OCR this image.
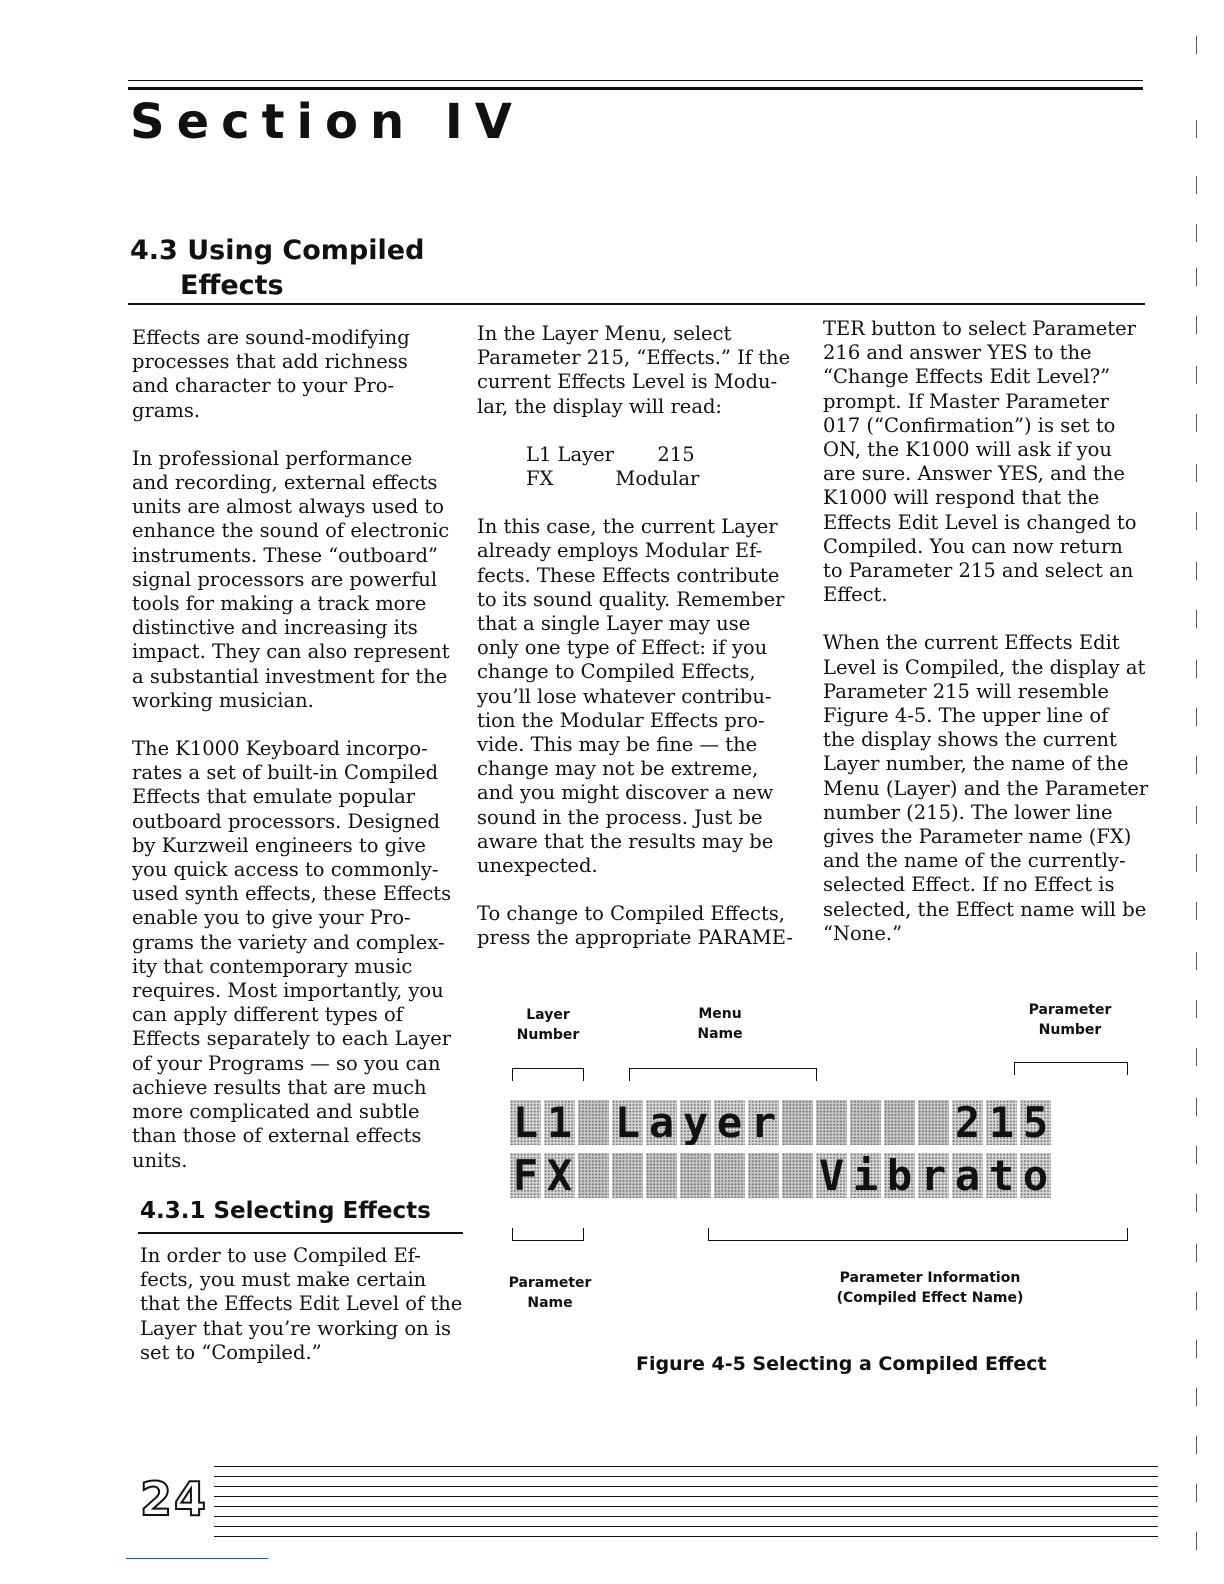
Section IV
4.3 Using Compiled
Effects

Effects are sound-modifying
processes that add richness
and character to your Pro-
grams.

In professional performance
and recording, external effects
units are almost always used to
enhance the sound of electronic
instruments. These “outboard”
signal processors are powerful
tools for making a track more
distinctive and increasing its
impact. They can also represent
a substantial investment for the
working musician.

The K1000 Keyboard incorpo-
rates a set of built-in Compiled
Effects that emulate popular
outboard processors. Designed
by Kurzweil engineers to give
you quick access to commonly-
used synth effects, these Effects
enable you to give your Pro-
grams the variety and complex-
ity that contemporary music
requires. Most importantly, you
can apply different types of
Effects separately to each Layer
of your Programs — so you can
achieve results that are much
more complicated and subtle
than those of external effects
units.

4.3.1 Selecting Effects

In order to use Compiled Ef-
fects, you must make certain
that the Effects Edit Level of the
Layer that you’re working on is
set to “Compiled.”

In the Layer Menu, select
Parameter 215, “Effects.” If the
current Effects Level is Modu-
lar, the display will read:

L1 Layer       215
FX          Modular

In this case, the current Layer
already employs Modular Ef-
fects. These Effects contribute
to its sound quality. Remember
that a single Layer may use
only one type of Effect: if you
change to Compiled Effects,
you’ll lose whatever contribu-
tion the Modular Effects pro-
vide. This may be fine — the
change may not be extreme,
and you might discover a new
sound in the process. Just be
aware that the results may be
unexpected.

To change to Compiled Effects,
press the appropriate PARAME-

TER button to select Parameter
216 and answer YES to the
“Change Effects Edit Level?”
prompt. If Master Parameter
017 (“Confirmation”) is set to
ON, the K1000 will ask if you
are sure. Answer YES, and the
K1000 will respond that the
Effects Edit Level is changed to
Compiled. You can now return
to Parameter 215 and select an
Effect.

When the current Effects Edit
Level is Compiled, the display at
Parameter 215 will resemble
Figure 4-5. The upper line of
the display shows the current
Layer number, the name of the
Menu (Layer) and the Parameter
number (215). The lower line
gives the Parameter name (FX)
and the name of the currently-
selected Effect. If no Effect is
selected, the Effect name will be
“None.”

Layer
Number
Menu
Name
Parameter
Number
L 1 L a y e r	2 1 5
F X	V i b r a t o
Parameter
Name
Parameter Information
(Compiled Effect Name)
Figure 4-5 Selecting a Compiled Effect
24
